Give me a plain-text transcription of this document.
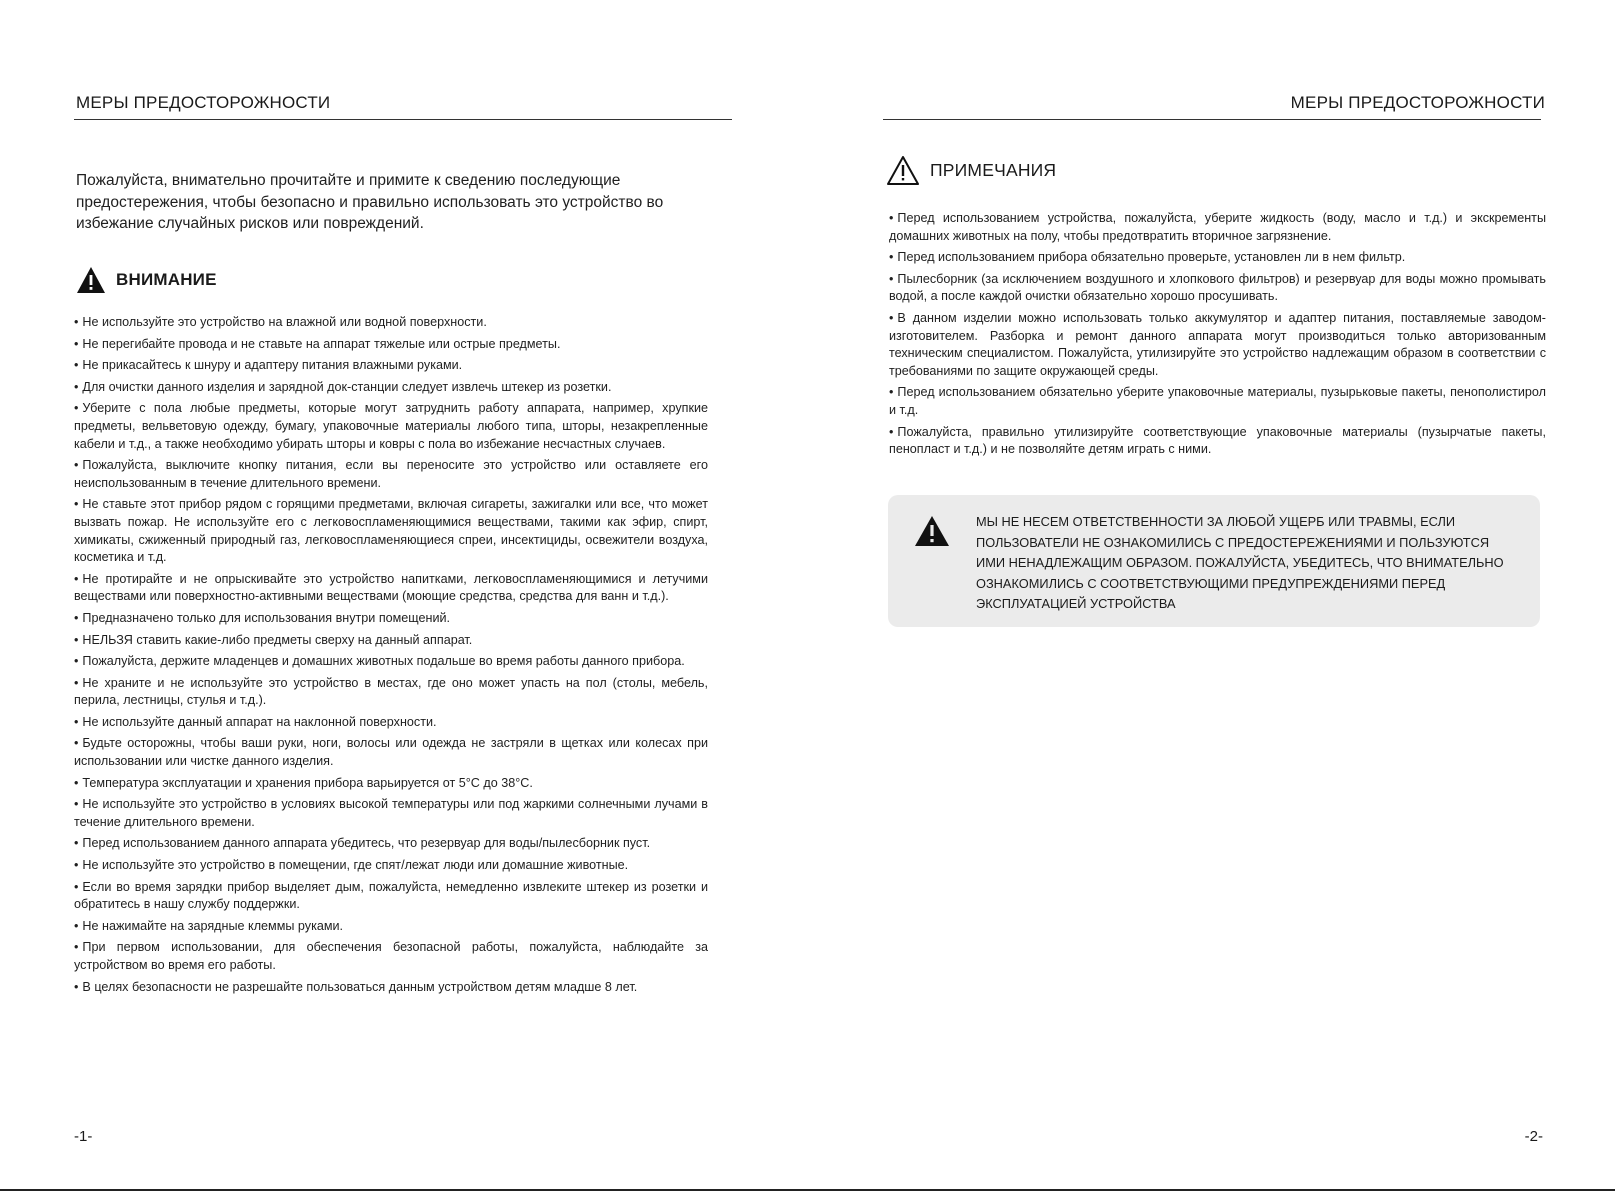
МЕРЫ ПРЕДОСТОРОЖНОСТИ
Пожалуйста, внимательно прочитайте и примите к сведению последующие предостережения, чтобы безопасно и правильно использовать это устройство во избежание случайных рисков или повреждений.
ВНИМАНИЕ
• Не используйте это устройство на влажной или водной поверхности.
• Не перегибайте провода и не ставьте на аппарат тяжелые или острые предметы.
• Не прикасайтесь к шнуру и адаптеру питания влажными руками.
• Для очистки данного изделия и зарядной док-станции следует извлечь штекер из розетки.
• Уберите с пола любые предметы, которые могут затруднить работу аппарата, например, хрупкие предметы, вельветовую одежду, бумагу, упаковочные материалы любого типа, шторы, незакрепленные кабели и т.д., а также необходимо убирать шторы и ковры с пола во избежание несчастных случаев.
• Пожалуйста, выключите кнопку питания, если вы переносите это устройство или оставляете его неиспользованным в течение длительного времени.
• Не ставьте этот прибор рядом с горящими предметами, включая сигареты, зажигалки или все, что может вызвать пожар. Не используйте его с легковоспламеняющимися веществами, такими как эфир, спирт, химикаты, сжиженный природный газ, легковоспламеняющиеся спреи, инсектициды, освежители воздуха, косметика и т.д.
• Не протирайте и не опрыскивайте это устройство напитками, легковоспламеняющимися и летучими веществами или поверхностно-активными веществами (моющие средства, средства для ванн и т.д.).
• Предназначено только для использования внутри помещений.
• НЕЛЬЗЯ ставить какие-либо предметы сверху на данный аппарат.
• Пожалуйста, держите младенцев и домашних животных подальше во время работы данного прибора.
• Не храните и не используйте это устройство в местах, где оно может упасть на пол (столы, мебель, перила, лестницы, стулья и т.д.).
• Не используйте данный аппарат на наклонной поверхности.
• Будьте осторожны, чтобы ваши руки, ноги, волосы или одежда не застряли в щетках или колесах при использовании или чистке данного изделия.
• Температура эксплуатации и хранения прибора варьируется от 5°C до 38°C.
• Не используйте это устройство в условиях высокой температуры или под жаркими солнечными лучами в течение длительного времени.
• Перед использованием данного аппарата убедитесь, что резервуар для воды/пылесборник пуст.
• Не используйте это устройство в помещении, где спят/лежат люди или домашние животные.
• Если во время зарядки прибор выделяет дым, пожалуйста, немедленно извлеките штекер из розетки и обратитесь в нашу службу поддержки.
• Не нажимайте на зарядные клеммы руками.
• При первом использовании, для обеспечения безопасной работы, пожалуйста, наблюдайте за устройством во время его работы.
• В целях безопасности не разрешайте пользоваться данным устройством детям младше 8 лет.
-1-
МЕРЫ ПРЕДОСТОРОЖНОСТИ
ПРИМЕЧАНИЯ
• Перед использованием устройства, пожалуйста, уберите жидкость (воду, масло и т.д.) и экскременты домашних животных на полу, чтобы предотвратить вторичное загрязнение.
• Перед использованием прибора обязательно проверьте, установлен ли в нем фильтр.
• Пылесборник (за исключением воздушного и хлопкового фильтров) и резервуар для воды можно промывать водой, а после каждой очистки обязательно хорошо просушивать.
• В данном изделии можно использовать только аккумулятор и адаптер питания, поставляемые заводом-изготовителем. Разборка и ремонт данного аппарата могут производиться только авторизованным техническим специалистом. Пожалуйста, утилизируйте это устройство надлежащим образом в соответствии с требованиями по защите окружающей среды.
• Перед использованием обязательно уберите упаковочные материалы, пузырьковые пакеты, пенополистирол и т.д.
• Пожалуйста, правильно утилизируйте соответствующие упаковочные материалы (пузырчатые пакеты, пенопласт и т.д.) и не позволяйте детям играть с ними.
МЫ НЕ НЕСЕМ ОТВЕТСТВЕННОСТИ ЗА ЛЮБОЙ УЩЕРБ ИЛИ ТРАВМЫ, ЕСЛИ ПОЛЬЗОВАТЕЛИ НЕ ОЗНАКОМИЛИСЬ С ПРЕДОСТЕРЕЖЕНИЯМИ И ПОЛЬЗУЮТСЯ ИМИ НЕНАДЛЕЖАЩИМ ОБРАЗОМ. ПОЖАЛУЙСТА, УБЕДИТЕСЬ, ЧТО ВНИМАТЕЛЬНО ОЗНАКОМИЛИСЬ С СООТВЕТСТВУЮЩИМИ ПРЕДУПРЕЖДЕНИЯМИ ПЕРЕД ЭКСПЛУАТАЦИЕЙ УСТРОЙСТВА
-2-
